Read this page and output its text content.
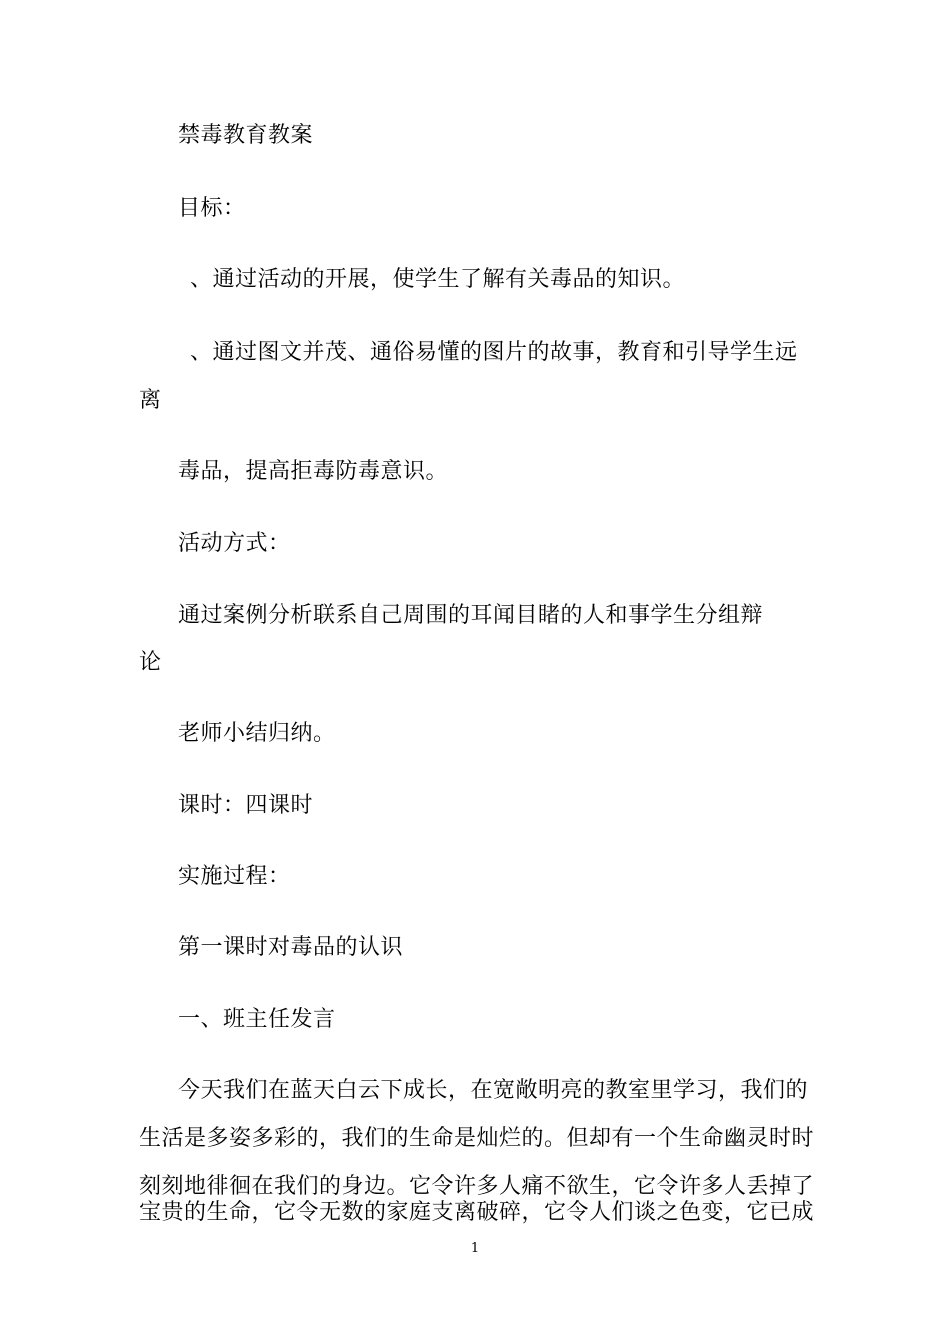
禁毒教育教案
目标：
、通过活动的开展，使学生了解有关毒品的知识。
、通过图文并茂、通俗易懂的图片的故事，教育和引导学生远
离
毒品，提高拒毒防毒意识。
活动方式：
通过案例分析联系自己周围的耳闻目睹的人和事学生分组辩
论
老师小结归纳。
课时：四课时
实施过程：
第一课时对毒品的认识
一、班主任发言
今天我们在蓝天白云下成长，在宽敞明亮的教室里学习，我们的
生活是多姿多彩的，我们的生命是灿烂的。但却有一个生命幽灵时时
刻刻地徘徊在我们的身边。它令许多人痛不欲生，它令许多人丢掉了
宝贵的生命，它令无数的家庭支离破碎，它令人们谈之色变，它已成
1
